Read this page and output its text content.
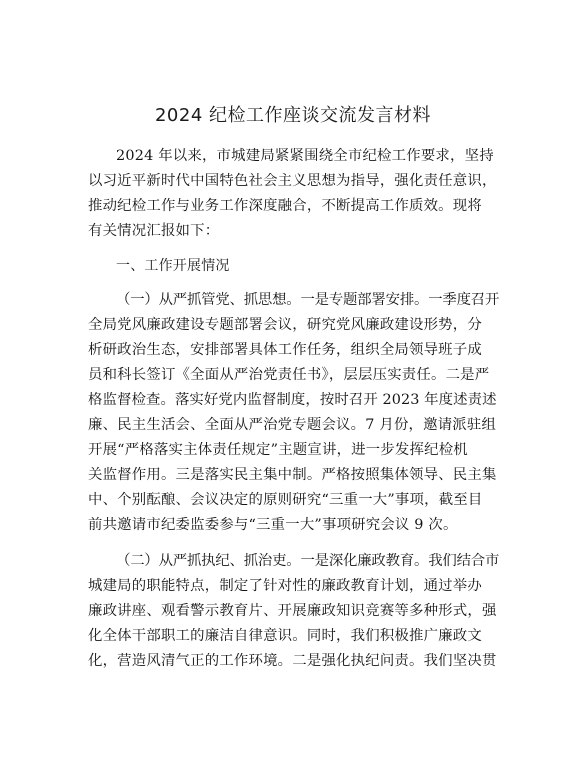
2024 纪检工作座谈交流发言材料
2024 年以来，市城建局紧紧围绕全市纪检工作要求，坚持
以习近平新时代中国特色社会主义思想为指导，强化责任意识，
推动纪检工作与业务工作深度融合，不断提高工作质效。现将
有关情况汇报如下：
一、工作开展情况
（一）从严抓管党、抓思想。一是专题部署安排。一季度召开
全局党风廉政建设专题部署会议，研究党风廉政建设形势，分
析研政治生态，安排部署具体工作任务，组织全局领导班子成
员和科长签订《全面从严治党责任书》，层层压实责任。二是严
格监督检查。落实好党内监督制度，按时召开 2023 年度述责述
廉、民主生活会、全面从严治党专题会议。7 月份，邀请派驻组
开展“严格落实主体责任规定”主题宣讲，进一步发挥纪检机
关监督作用。三是落实民主集中制。严格按照集体领导、民主集
中、个别酝酿、会议决定的原则研究“三重一大”事项，截至目
前共邀请市纪委监委参与“三重一大”事项研究会议 9 次。
（二）从严抓执纪、抓治吏。一是深化廉政教育。我们结合市
城建局的职能特点，制定了针对性的廉政教育计划，通过举办
廉政讲座、观看警示教育片、开展廉政知识竞赛等多种形式，强
化全体干部职工的廉洁自律意识。同时，我们积极推广廉政文
化，营造风清气正的工作环境。二是强化执纪问责。我们坚决贯
